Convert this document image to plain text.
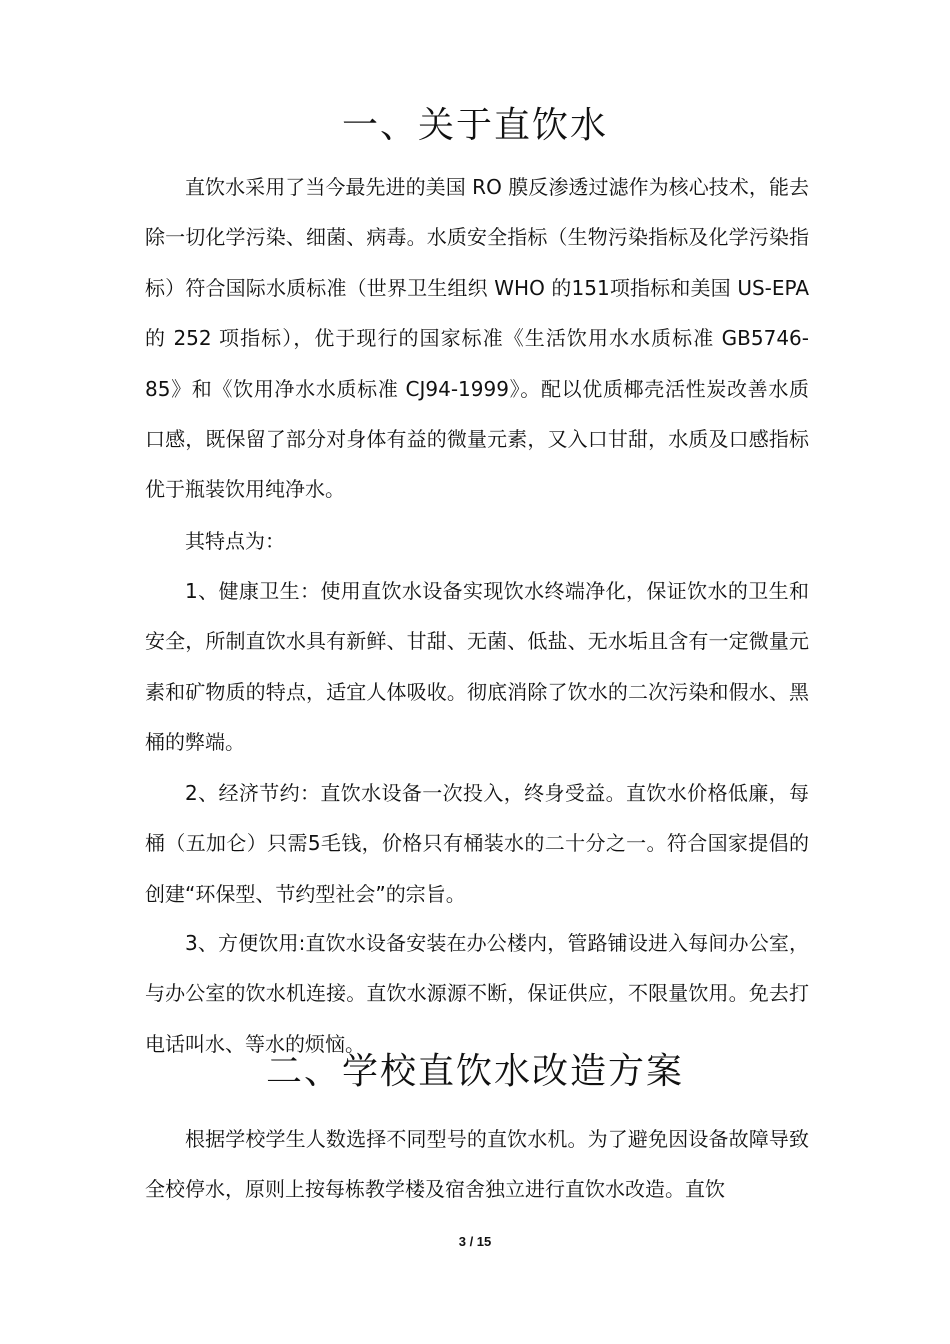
一、关于直饮水

直饮水采用了当今最先进的美国 RO 膜反渗透过滤作为核心技术，能去除一切化学污染、细菌、病毒。水质安全指标（生物污染指标及化学污染指标）符合国际水质标准（世界卫生组织 WHO 的151项指标和美国 US-EPA 的 252 项指标），优于现行的国家标准《生活饮用水水质标准 GB5746-85》和《饮用净水水质标准 CJ94-1999》。配以优质椰壳活性炭改善水质口感，既保留了部分对身体有益的微量元素，又入口甘甜，水质及口感指标优于瓶装饮用纯净水。

其特点为：

1、健康卫生：使用直饮水设备实现饮水终端净化，保证饮水的卫生和安全，所制直饮水具有新鲜、甘甜、无菌、低盐、无水垢且含有一定微量元素和矿物质的特点，适宜人体吸收。彻底消除了饮水的二次污染和假水、黑桶的弊端。

2、经济节约：直饮水设备一次投入，终身受益。直饮水价格低廉，每桶（五加仑）只需5毛钱，价格只有桶装水的二十分之一。符合国家提倡的创建“环保型、节约型社会”的宗旨。

3、方便饮用:直饮水设备安装在办公楼内，管路铺设进入每间办公室，与办公室的饮水机连接。直饮水源源不断，保证供应，不限量饮用。免去打电话叫水、等水的烦恼。

二、学校直饮水改造方案

根据学校学生人数选择不同型号的直饮水机。为了避免因设备故障导致全校停水，原则上按每栋教学楼及宿舍独立进行直饮水改造。直饮

3 / 15
